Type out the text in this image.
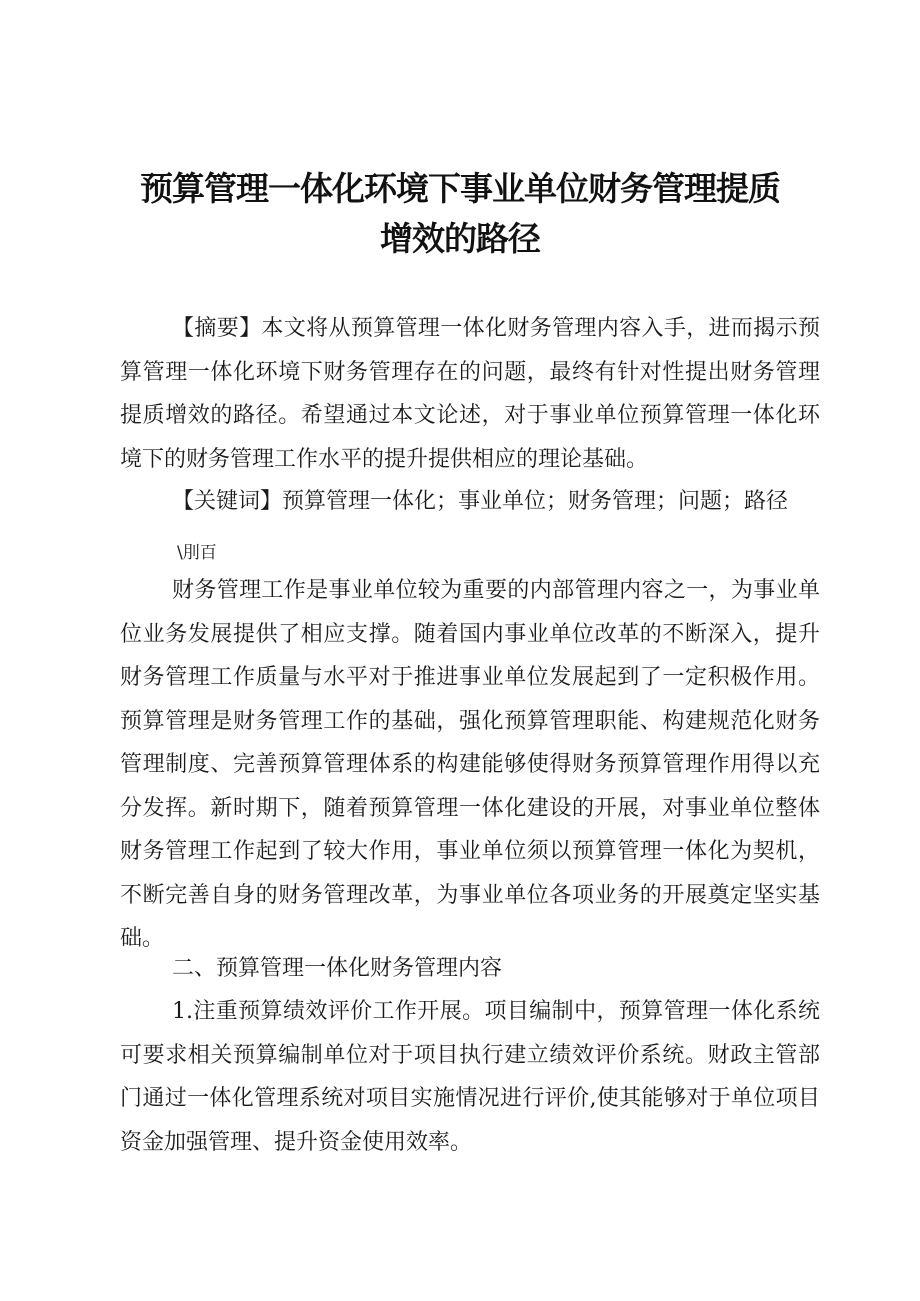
预算管理一体化环境下事业单位财务管理提质
增效的路径

【摘要】本文将从预算管理一体化财务管理内容入手，进而揭示预算管理一体化环境下财务管理存在的问题，最终有针对性提出财务管理提质增效的路径。希望通过本文论述，对于事业单位预算管理一体化环境下的财务管理工作水平的提升提供相应的理论基础。

【关键词】预算管理一体化；事业单位；财务管理；问题；路径

\刖百

财务管理工作是事业单位较为重要的内部管理内容之一，为事业单位业务发展提供了相应支撑。随着国内事业单位改革的不断深入，提升财务管理工作质量与水平对于推进事业单位发展起到了一定积极作用。预算管理是财务管理工作的基础，强化预算管理职能、构建规范化财务管理制度、完善预算管理体系的构建能够使得财务预算管理作用得以充分发挥。新时期下，随着预算管理一体化建设的开展，对事业单位整体财务管理工作起到了较大作用，事业单位须以预算管理一体化为契机，不断完善自身的财务管理改革，为事业单位各项业务的开展奠定坚实基础。

二、预算管理一体化财务管理内容

1.注重预算绩效评价工作开展。项目编制中，预算管理一体化系统可要求相关预算编制单位对于项目执行建立绩效评价系统。财政主管部门通过一体化管理系统对项目实施情况进行评价,使其能够对于单位项目资金加强管理、提升资金使用效率。
